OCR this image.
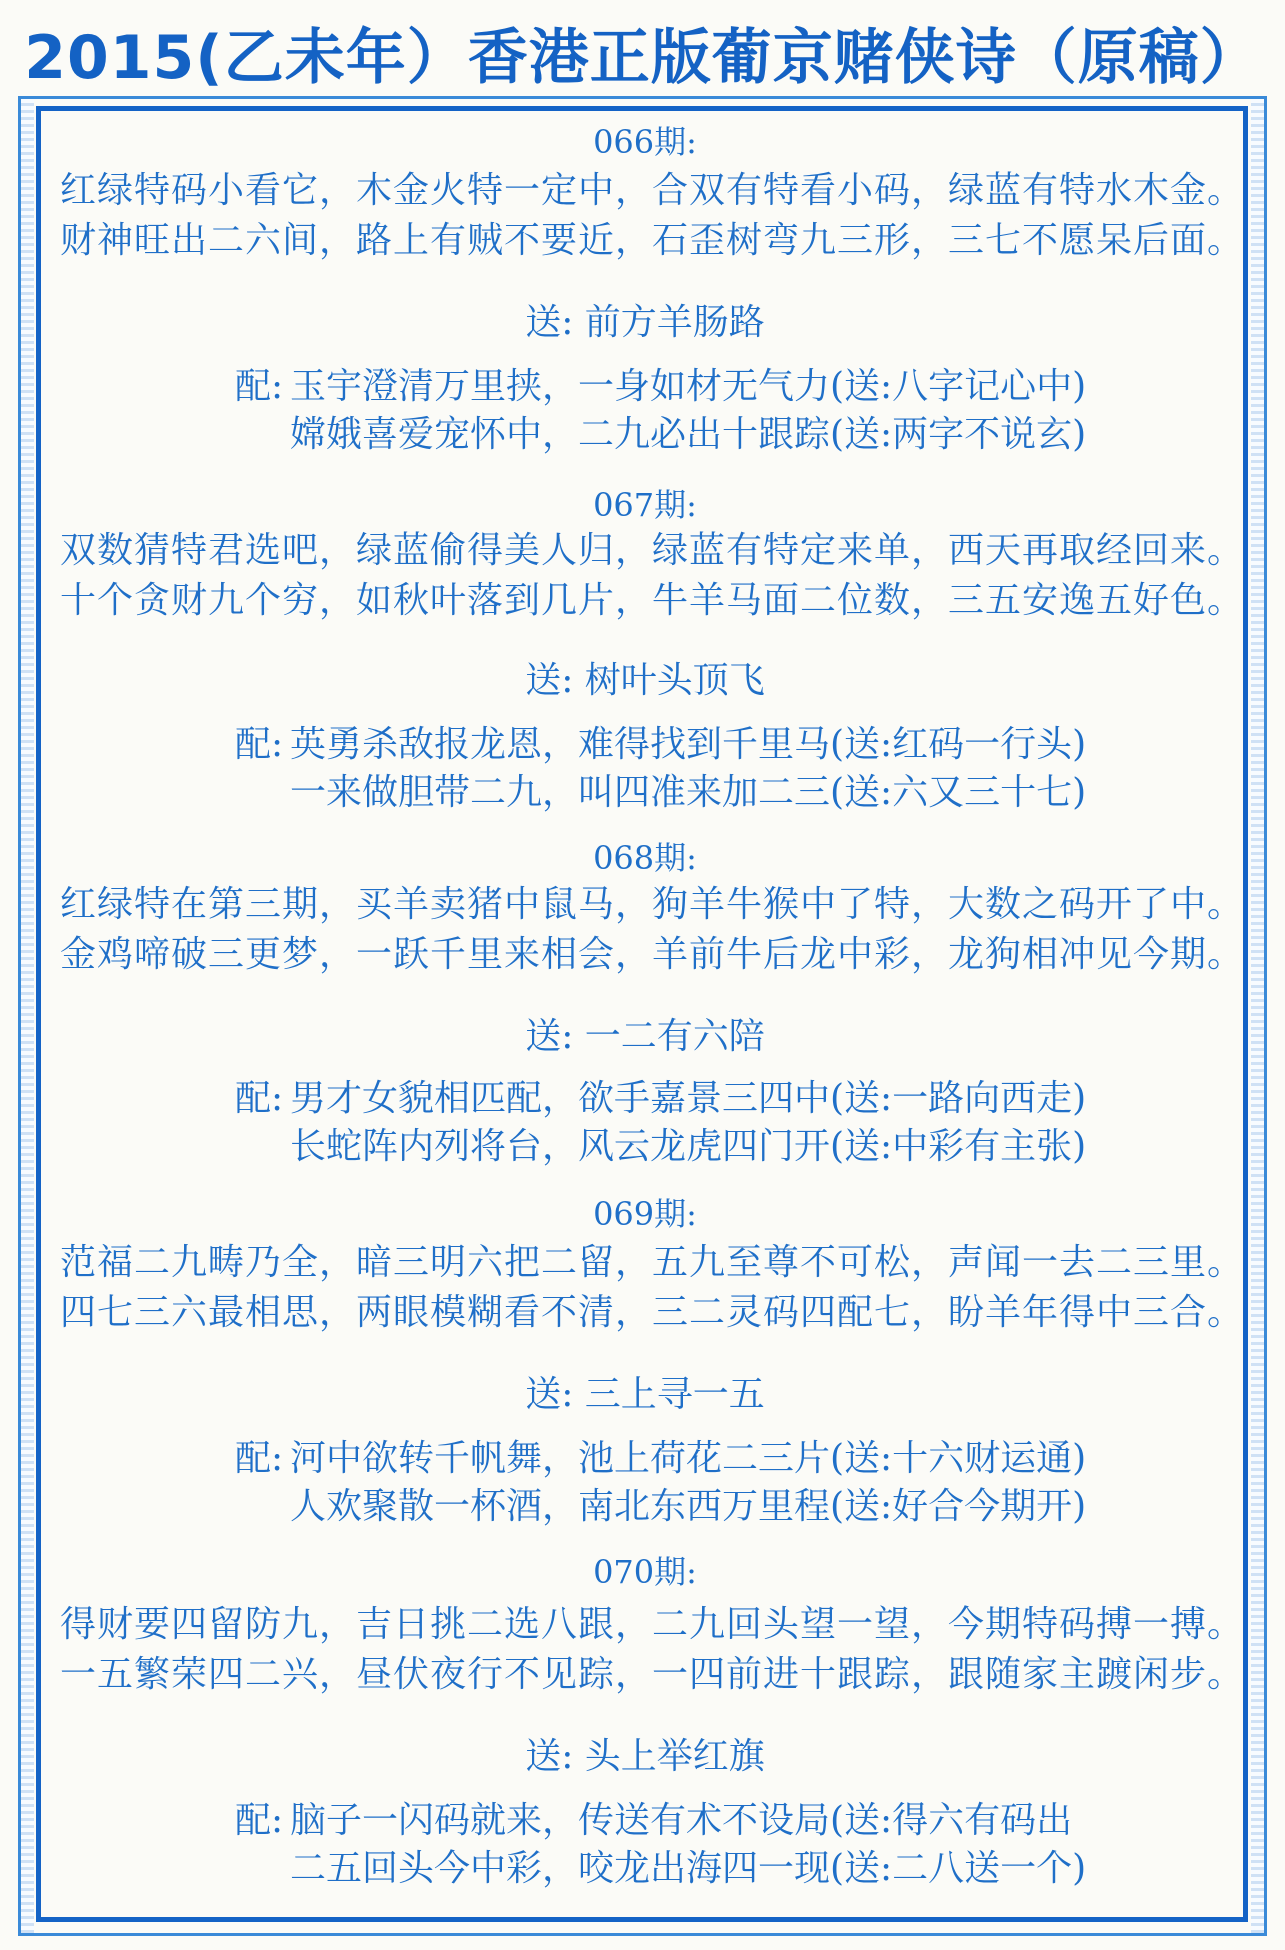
2015(乙未年）香港正版葡京赌侠诗（原稿）
066期:
红绿特码小看它，木金火特一定中，合双有特看小码，绿蓝有特水木金。
财神旺出二六间，路上有贼不要近，石歪树弯九三形，三七不愿呆后面。
送: 前方羊肠路
配: 玉宇澄清万里挟，一身如材无气力(送:八字记心中)
嫦娥喜爱宠怀中，二九必出十跟踪(送:两字不说玄)
067期:
双数猜特君选吧，绿蓝偷得美人归，绿蓝有特定来单，西天再取经回来。
十个贪财九个穷，如秋叶落到几片，牛羊马面二位数，三五安逸五好色。
送: 树叶头顶飞
配: 英勇杀敌报龙恩，难得找到千里马(送:红码一行头)
一来做胆带二九，叫四准来加二三(送:六又三十七)
068期:
红绿特在第三期，买羊卖猪中鼠马，狗羊牛猴中了特，大数之码开了中。
金鸡啼破三更梦，一跃千里来相会，羊前牛后龙中彩，龙狗相冲见今期。
送: 一二有六陪
配: 男才女貌相匹配，欲手嘉景三四中(送:一路向西走)
长蛇阵内列将台，风云龙虎四门开(送:中彩有主张)
069期:
范福二九畴乃全，暗三明六把二留，五九至尊不可松，声闻一去二三里。
四七三六最相思，两眼模糊看不清，三二灵码四配七，盼羊年得中三合。
送: 三上寻一五
配: 河中欲转千帆舞，池上荷花二三片(送:十六财运通)
人欢聚散一杯酒，南北东西万里程(送:好合今期开)
070期:
得财要四留防九，吉日挑二选八跟，二九回头望一望，今期特码搏一搏。
一五繁荣四二兴，昼伏夜行不见踪，一四前进十跟踪，跟随家主踱闲步。
送: 头上举红旗
配: 脑子一闪码就来，传送有术不设局(送:得六有码出
二五回头今中彩，咬龙出海四一现(送:二八送一个)
